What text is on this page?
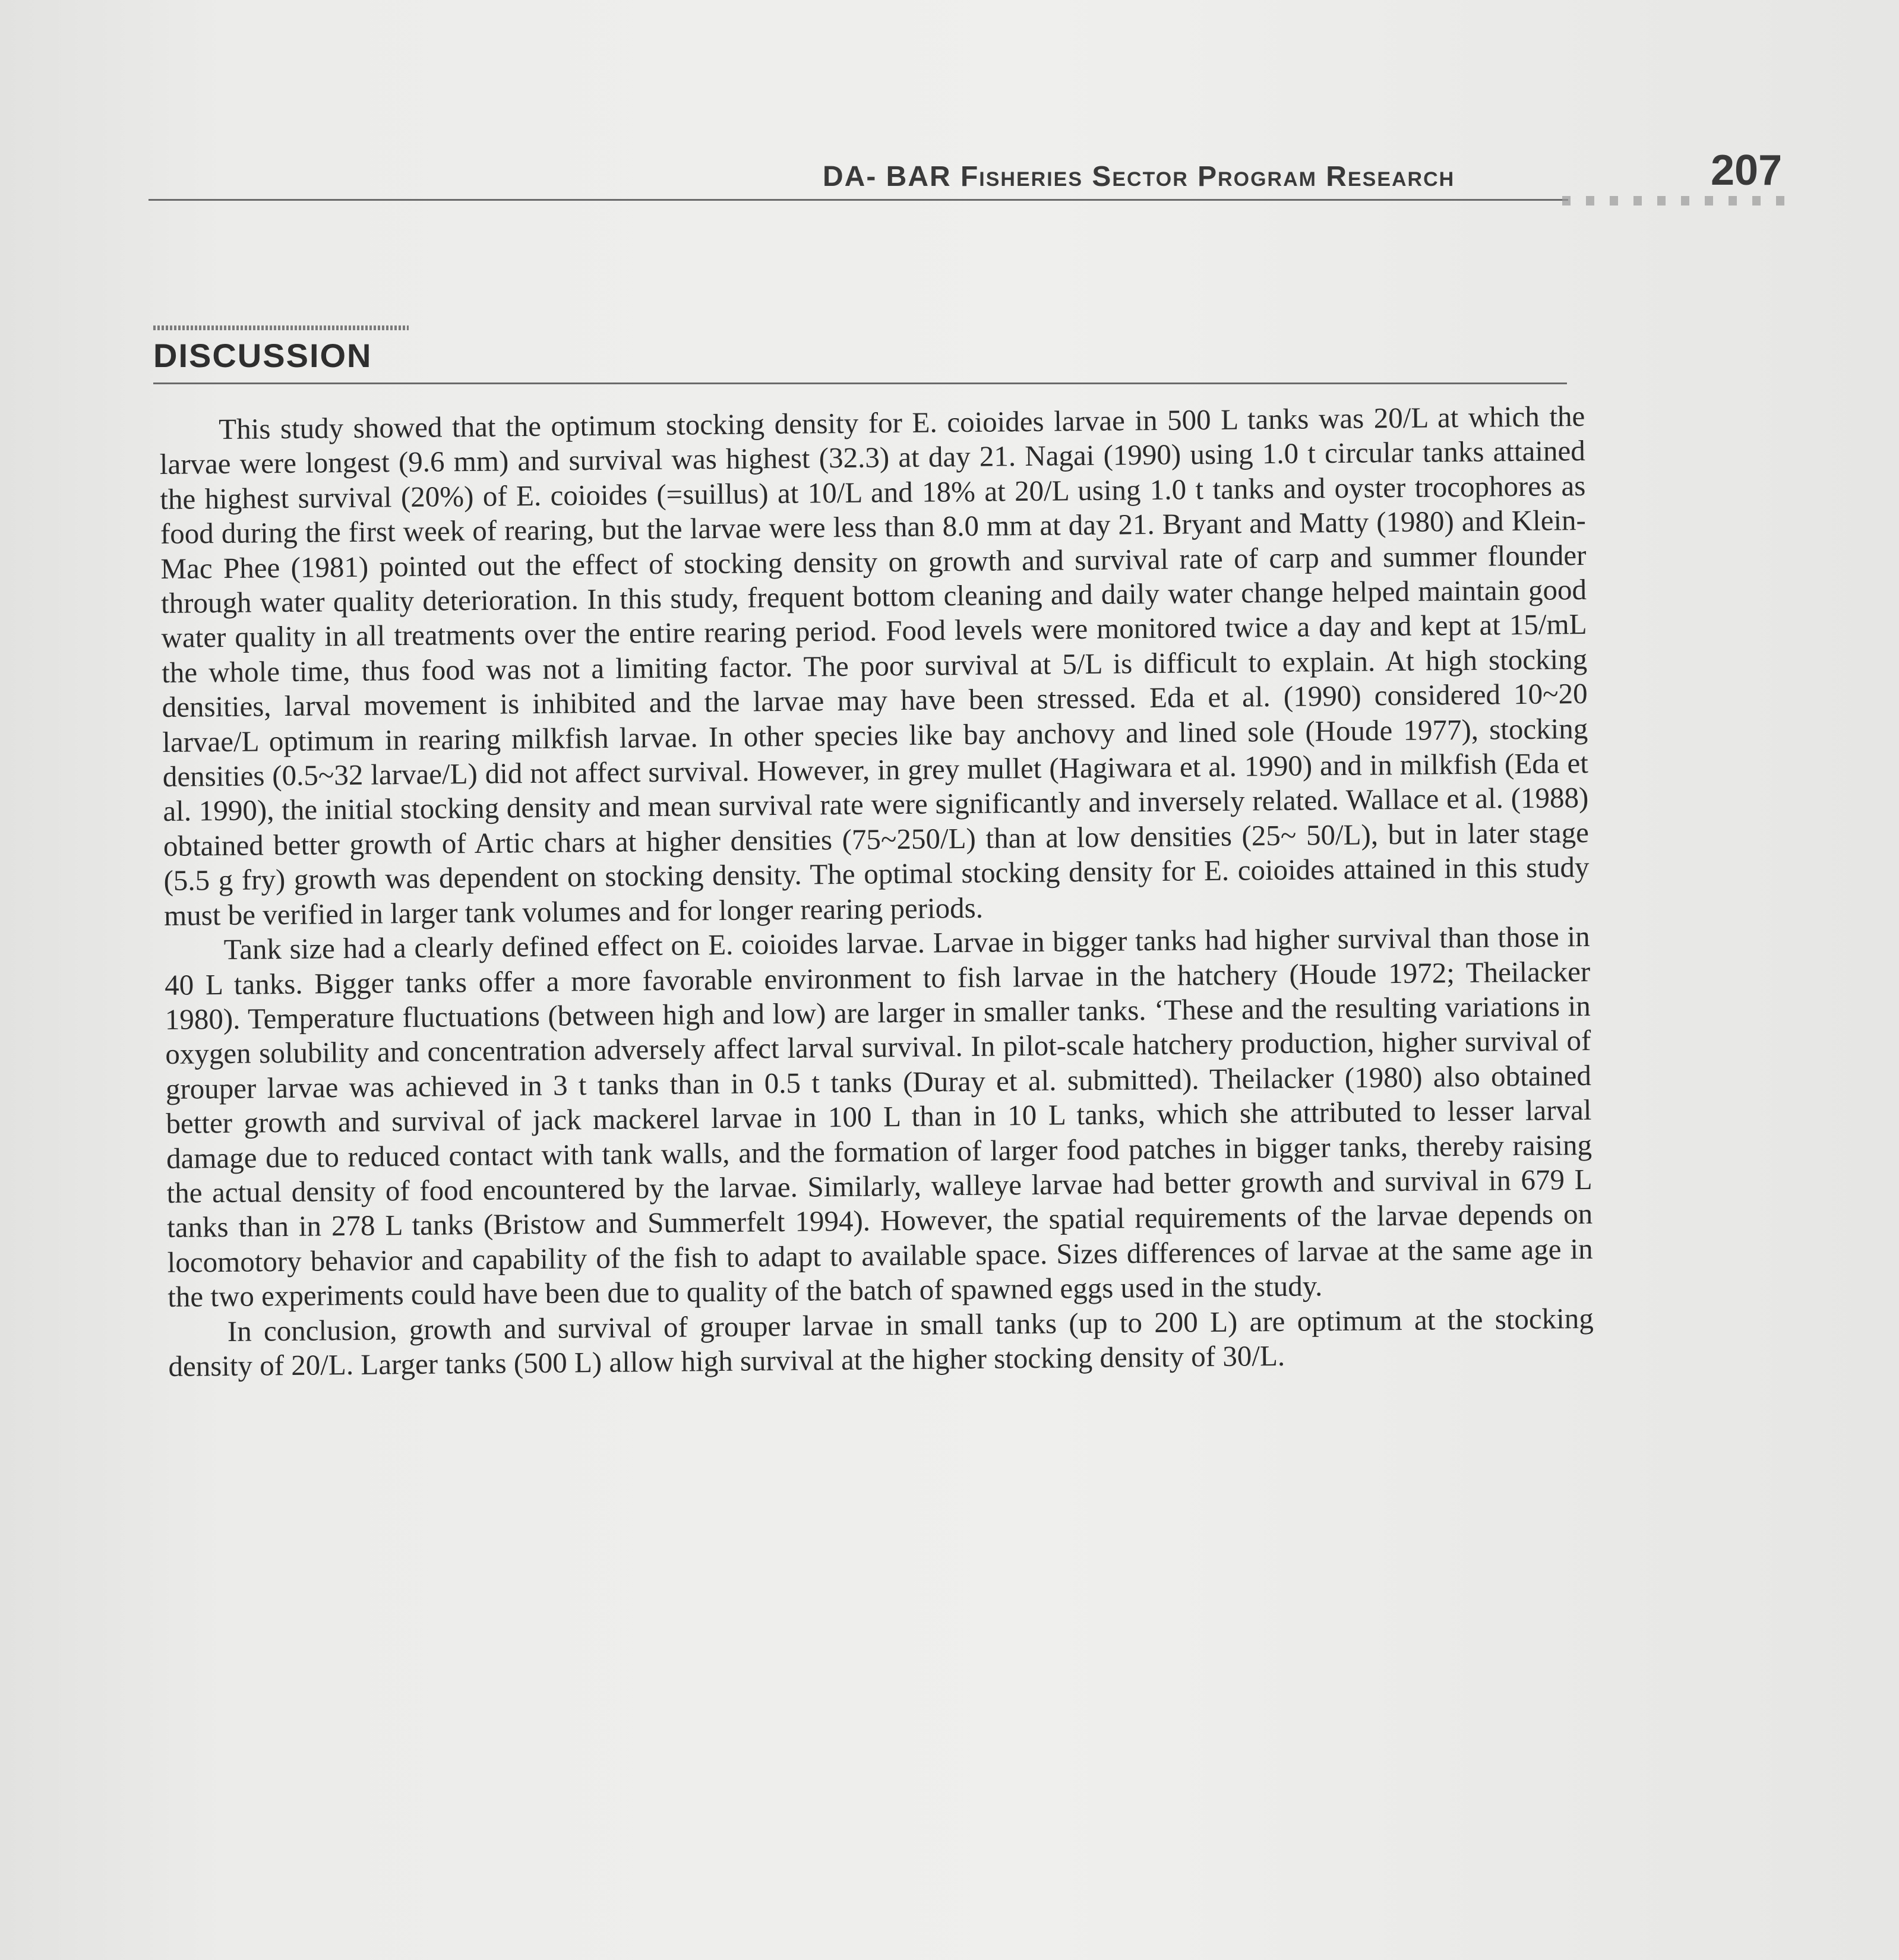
DA- BAR Fisheries Sector Program Research	207
DISCUSSION

This study showed that the optimum stocking density for E. coioides larvae in 500 L tanks was 20/L at which the larvae were longest (9.6 mm) and survival was highest (32.3) at day 21. Nagai (1990) using 1.0 t circular tanks attained the highest survival (20%) of E. coioides (=suillus) at 10/L and 18% at 20/L using 1.0 t tanks and oyster trocophores as food during the first week of rearing, but the larvae were less than 8.0 mm at day 21. Bryant and Matty (1980) and Klein-Mac Phee (1981) pointed out the effect of stocking density on growth and survival rate of carp and summer flounder through water quality deterioration. In this study, frequent bottom cleaning and daily water change helped maintain good water quality in all treatments over the entire rearing period. Food levels were monitored twice a day and kept at 15/mL the whole time, thus food was not a limiting factor. The poor survival at 5/L is difficult to explain. At high stocking densities, larval movement is inhibited and the larvae may have been stressed. Eda et al. (1990) considered 10~20 larvae/L optimum in rearing milkfish larvae. In other species like bay anchovy and lined sole (Houde 1977), stocking densities (0.5~32 larvae/L) did not affect survival. However, in grey mullet (Hagiwara et al. 1990) and in milkfish (Eda et al. 1990), the initial stocking density and mean survival rate were significantly and inversely related. Wallace et al. (1988) obtained better growth of Artic chars at higher densities (75~250/L) than at low densities (25~ 50/L), but in later stage (5.5 g fry) growth was dependent on stocking density. The optimal stocking density for E. coioides attained in this study must be verified in larger tank volumes and for longer rearing periods.

Tank size had a clearly defined effect on E. coioides larvae. Larvae in bigger tanks had higher survival than those in 40 L tanks. Bigger tanks offer a more favorable environment to fish larvae in the hatchery (Houde 1972; Theilacker 1980). Temperature fluctuations (between high and low) are larger in smaller tanks. ‘These and the resulting variations in oxygen solubility and concentration adversely affect larval survival. In pilot-scale hatchery production, higher survival of grouper larvae was achieved in 3 t tanks than in 0.5 t tanks (Duray et al. submitted). Theilacker (1980) also obtained better growth and survival of jack mackerel larvae in 100 L than in 10 L tanks, which she attributed to lesser larval damage due to reduced contact with tank walls, and the formation of larger food patches in bigger tanks, thereby raising the actual density of food encountered by the larvae. Similarly, walleye larvae had better growth and survival in 679 L tanks than in 278 L tanks (Bristow and Summerfelt 1994). However, the spatial requirements of the larvae depends on locomotory behavior and capability of the fish to adapt to available space. Sizes differences of larvae at the same age in the two experiments could have been due to quality of the batch of spawned eggs used in the study.

In conclusion, growth and survival of grouper larvae in small tanks (up to 200 L) are optimum at the stocking density of 20/L. Larger tanks (500 L) allow high survival at the higher stocking density of 30/L.
